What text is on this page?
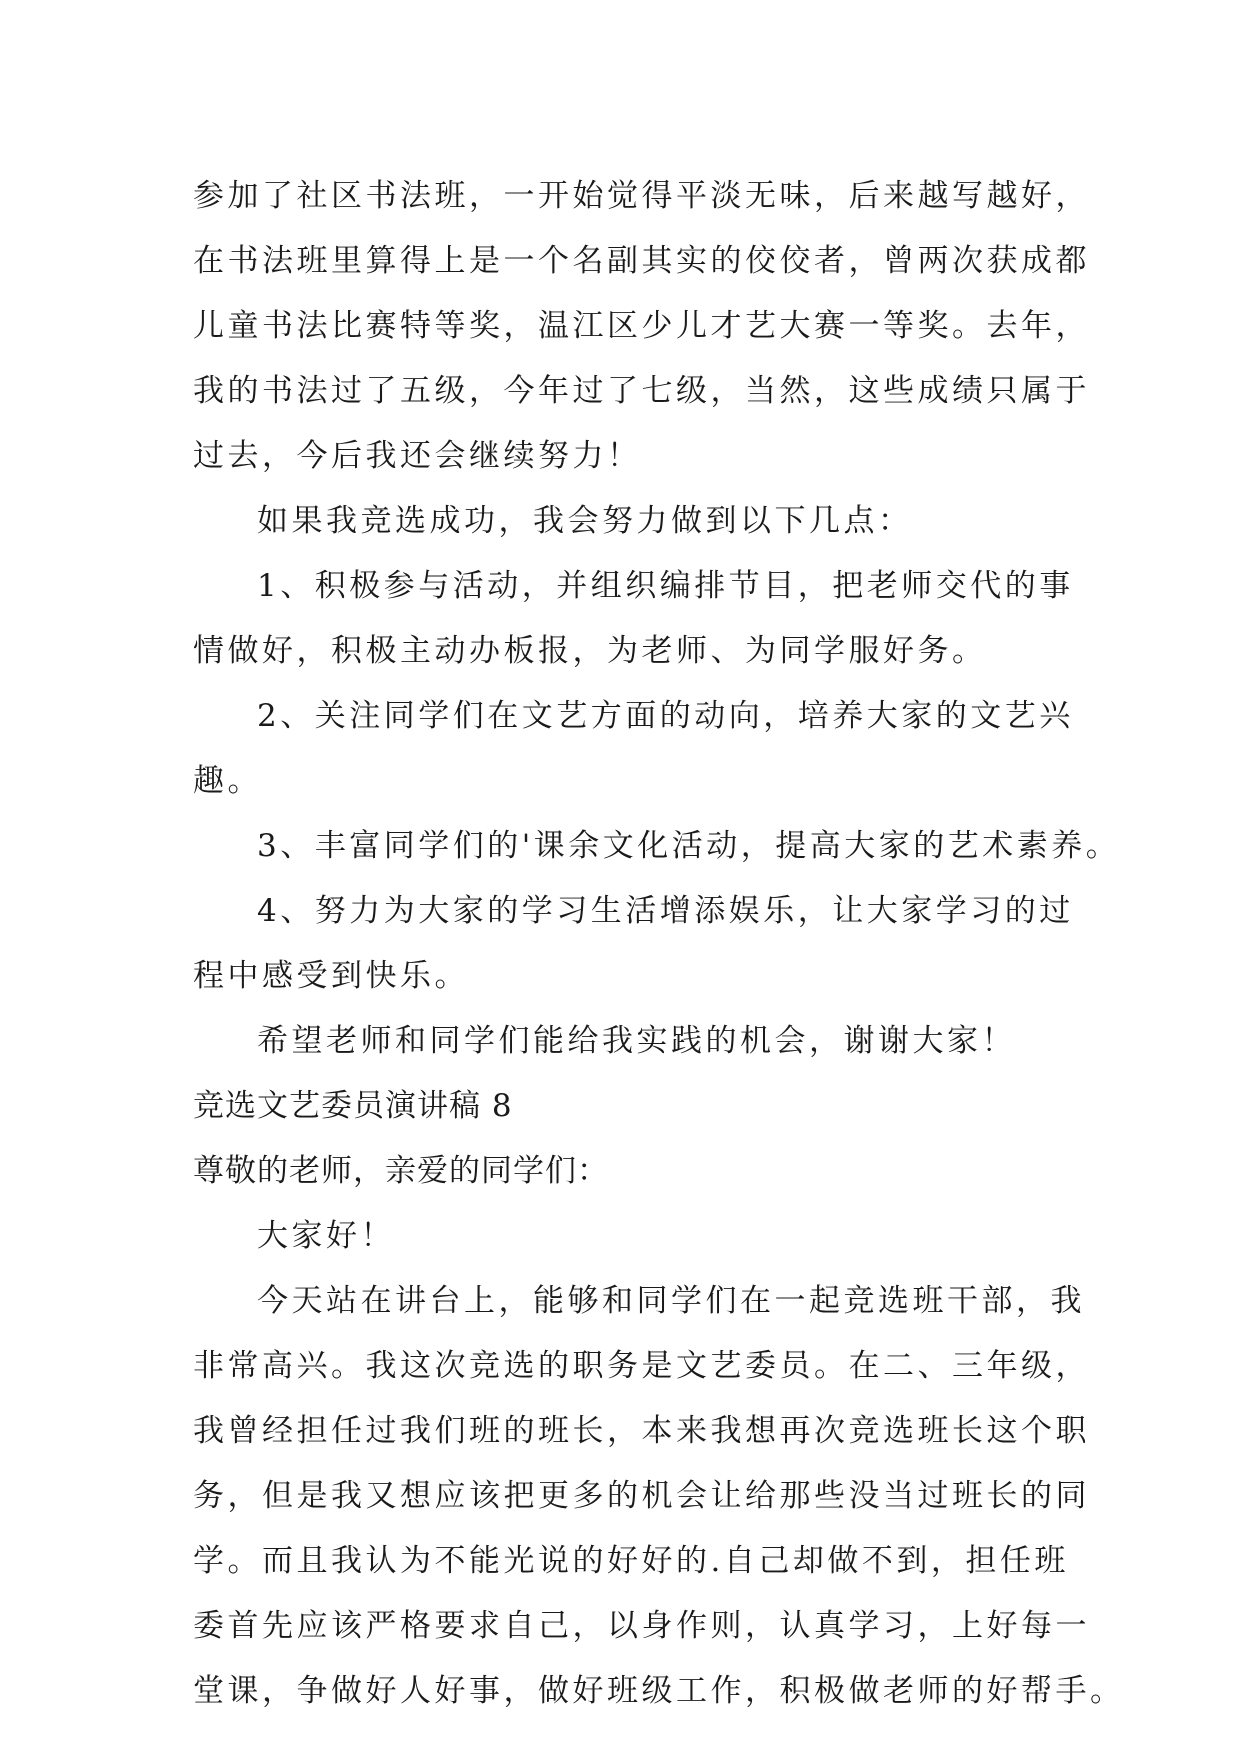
参加了社区书法班，一开始觉得平淡无味，后来越写越好，
在书法班里算得上是一个名副其实的佼佼者，曾两次获成都
儿童书法比赛特等奖，温江区少儿才艺大赛一等奖。去年，
我的书法过了五级，今年过了七级，当然，这些成绩只属于
过去，今后我还会继续努力！
如果我竞选成功，我会努力做到以下几点：
1、积极参与活动，并组织编排节目，把老师交代的事
情做好，积极主动办板报，为老师、为同学服好务。
2、关注同学们在文艺方面的动向，培养大家的文艺兴
趣。
3、丰富同学们的'课余文化活动，提高大家的艺术素养。
4、努力为大家的学习生活增添娱乐，让大家学习的过
程中感受到快乐。
希望老师和同学们能给我实践的机会，谢谢大家！
竞选文艺委员演讲稿 8
尊敬的老师，亲爱的同学们：
大家好！
今天站在讲台上，能够和同学们在一起竞选班干部，我
非常高兴。我这次竞选的职务是文艺委员。在二、三年级，
我曾经担任过我们班的班长，本来我想再次竞选班长这个职
务，但是我又想应该把更多的机会让给那些没当过班长的同
学。而且我认为不能光说的好好的.自己却做不到，担任班
委首先应该严格要求自己，以身作则，认真学习，上好每一
堂课，争做好人好事，做好班级工作，积极做老师的好帮手。
